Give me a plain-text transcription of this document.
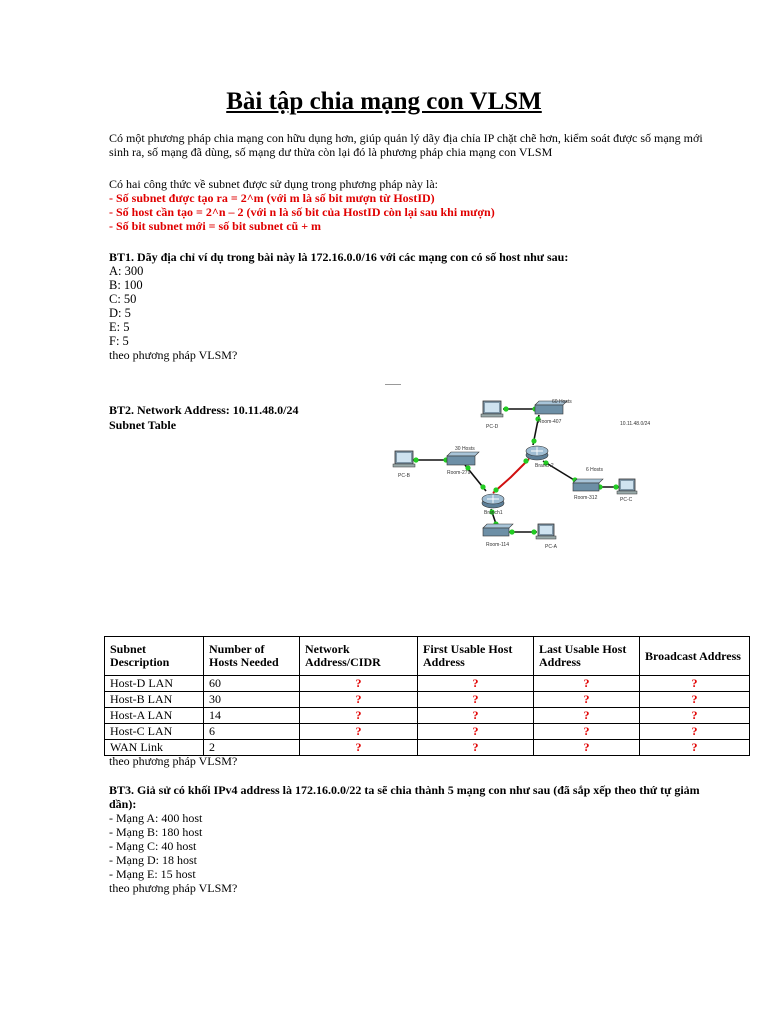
Bài tập chia mạng con VLSM
Có một phương pháp chia mạng con hữu dụng hơn, giúp quản lý dãy địa chỉa IP chặt chẽ hơn, kiểm soát được số mạng mới sinh ra, số mạng đã dùng, số mạng dư thừa còn lại đó là phương pháp chia mạng con VLSM
Có hai công thức về subnet được sử dụng trong phương pháp này là:
- Số subnet được tạo ra = 2^m (với m là số bit mượn từ HostID)
- Số host cần tạo = 2^n – 2 (với n là số bit của HostID còn lại sau khi mượn)
- Số bit subnet mới = số bit subnet cũ + m
BT1. Dãy địa chỉ ví dụ trong bài này là 172.16.0.0/16 với các mạng con có số host như sau:
A: 300
B: 100
C: 50
D: 5
E: 5
F: 5
theo phương pháp VLSM?
BT2. Network Address: 10.11.48.0/24
Subnet Table	PC-D
60 Hosts
Room-407	10.11.48.0/24
Branch2
30 Hosts
Room-279
PC-B
6 Hosts
Room-312	PC-C
Branch1
Room-114	PC-A
Subnet Description	Number of Hosts Needed	Network Address/CIDR	First Usable Host Address	Last Usable Host Address	Broadcast Address
Host-D LAN	60	?	?	?	?
Host-B LAN	30	?	?	?	?
Host-A LAN	14	?	?	?	?
Host-C LAN	6	?	?	?	?
WAN Link	2	?	?	?	?
theo phương pháp VLSM?
BT3. Giả sử có khối IPv4 address là 172.16.0.0/22 ta sẽ chia thành 5 mạng con như sau (đã sắp xếp theo thứ tự giảm dần):
- Mạng A: 400 host
- Mạng B: 180 host
- Mạng C: 40 host
- Mạng D: 18 host
- Mạng E: 15 host
theo phương pháp VLSM?
